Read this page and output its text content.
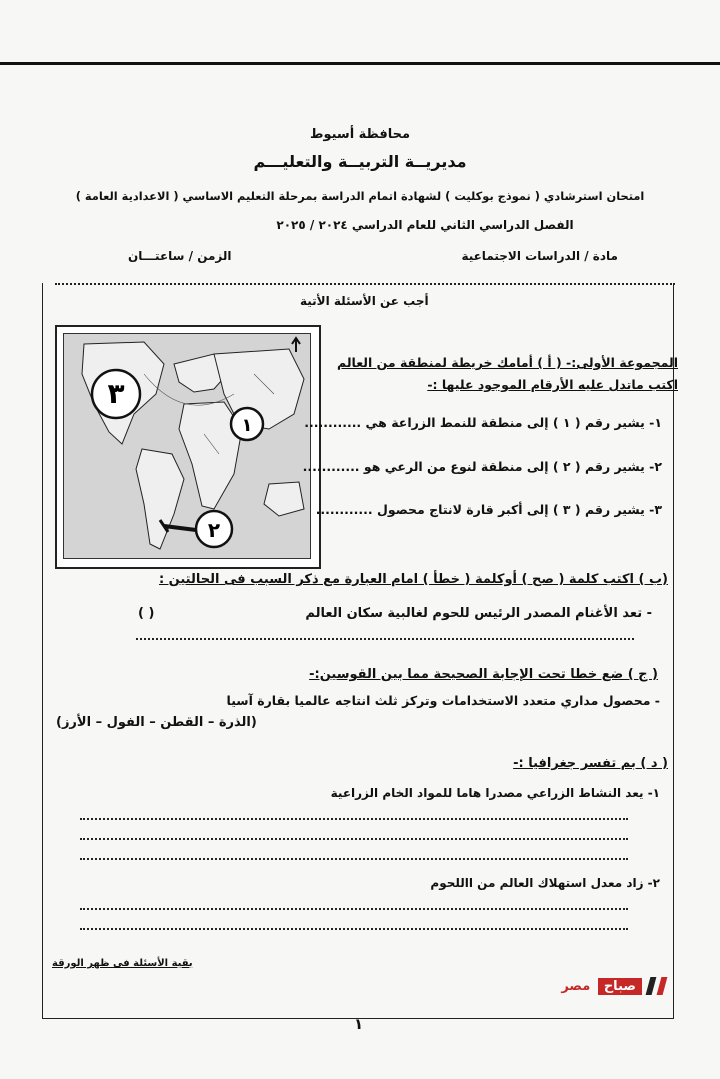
محافظة أسيوط
مديريــة التربيــة والتعليـــم
امتحان استرشادي ( نموذج بوكليت ) لشهادة اتمام الدراسة بمرحلة التعليم الاساسي ( الاعدادية العامة )
الفصل الدراسي الثاني للعام الدراسي ٢٠٢٤ / ٢٠٢٥
مادة / الدراسات الاجتماعية
الزمن / ساعتـــان
أجب عن الأسئلة الأتية
٣
١
٢
المجموعة الأولى:- ( أ ) أمامك خريطة لمنطقة من العالم
اكتب ماتدل عليه الأرقام الموجود عليها :-
١- يشير رقم ( ١ ) إلى منطقة للنمط الزراعة هي ............
٢- يشير رقم ( ٢ ) إلى منطقة لنوع من الرعي هو ............
٣- يشير رقم ( ٣ ) إلى أكبر قارة لانتاج محصول ............
(ب ) اكتب كلمة ( صح ) أوكلمة ( خطأ ) امام العبارة مع ذكر السبب فى الحالتين :
- تعد الأغنام المصدر الرئيس للحوم لغالبية سكان العالم
( )
( ج ) ضع خطا تحت الإجابة الصحيحة مما بين القوسين:-
- محصول مداري متعدد الاستخدامات وتركز ثلث انتاجه عالميا بقارة آسيا
(الذرة – القطن – الفول – الأرز)
( د ) بم تفسر جغرافيا :-
١- يعد النشاط الزراعي مصدرا هاما للمواد الخام الزراعية
٢- زاد معدل استهلاك العالم من االلحوم
بقية الأسئلة فى ظهر الورقة
صباح مصر
١
